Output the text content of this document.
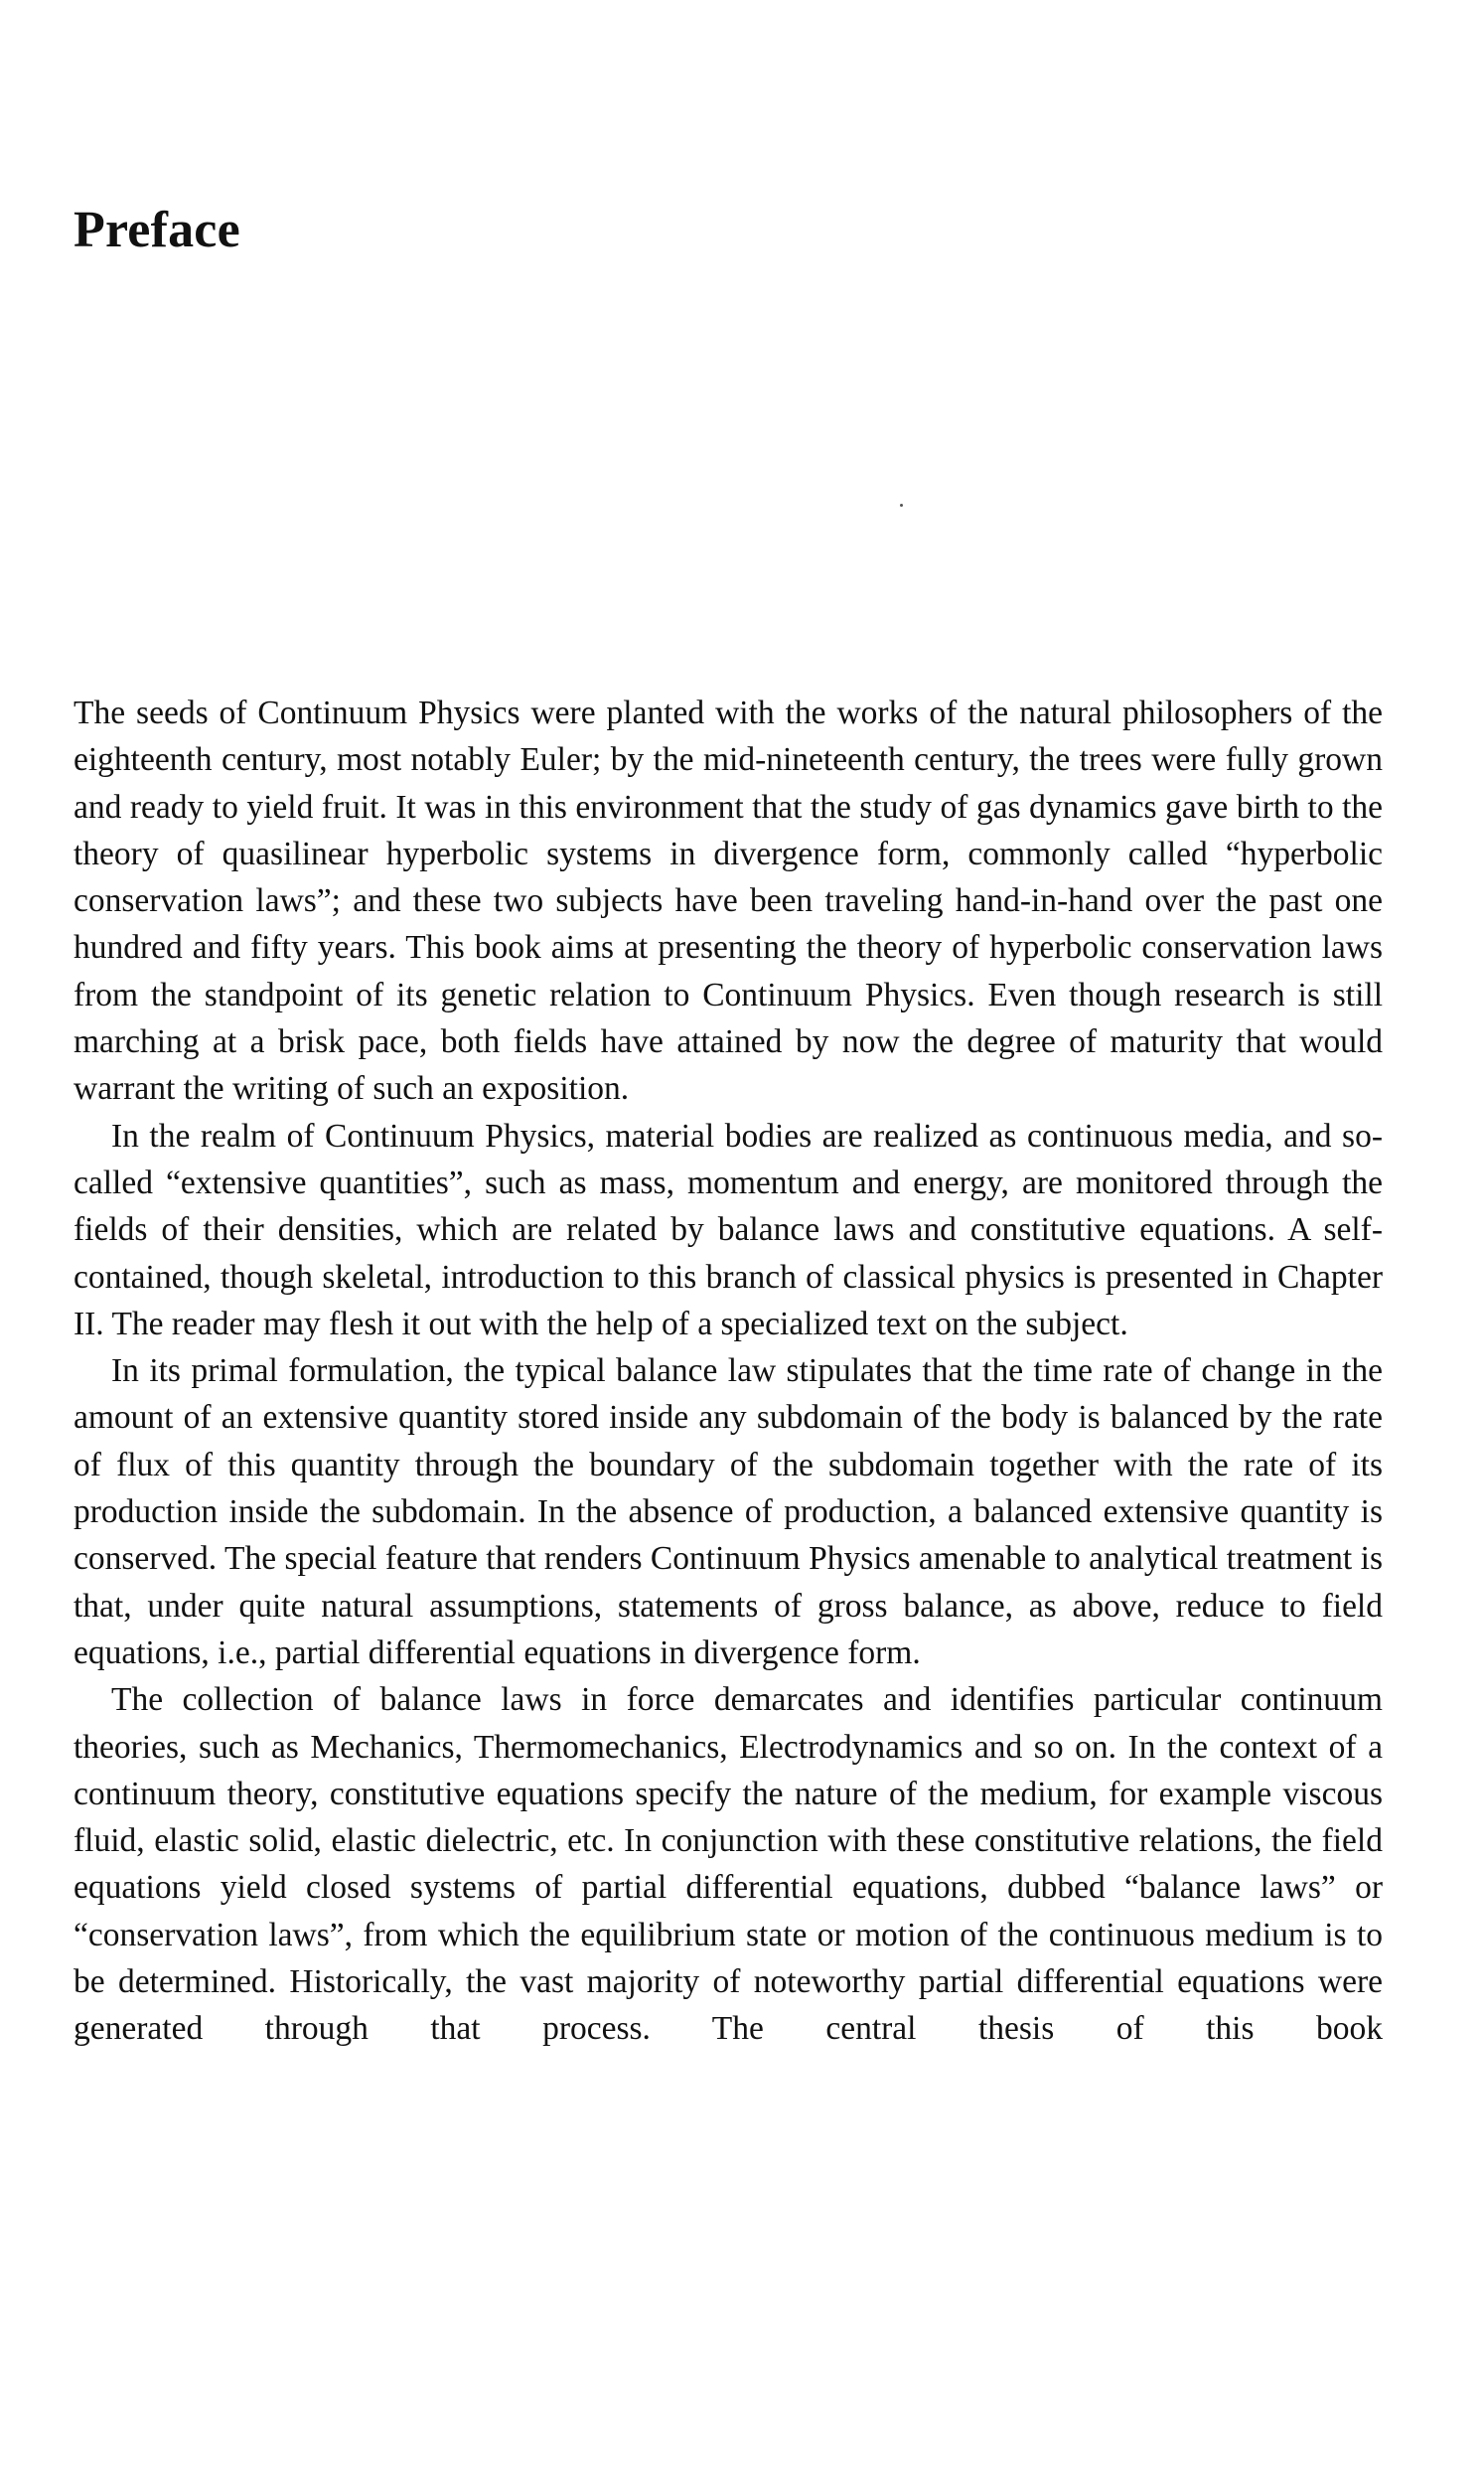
Preface

The seeds of Continuum Physics were planted with the works of the natural philosophers of the eighteenth century, most notably Euler; by the mid-nineteenth century, the trees were fully grown and ready to yield fruit. It was in this environment that the study of gas dynamics gave birth to the theory of quasilinear hyperbolic systems in divergence form, commonly called “hyperbolic conservation laws”; and these two subjects have been traveling hand-in-hand over the past one hundred and fifty years. This book aims at presenting the theory of hyperbolic conservation laws from the standpoint of its genetic relation to Continuum Physics. Even though research is still marching at a brisk pace, both fields have attained by now the degree of maturity that would warrant the writing of such an exposition.

In the realm of Continuum Physics, material bodies are realized as continuous media, and so-called “extensive quantities”, such as mass, momentum and energy, are monitored through the fields of their densities, which are related by balance laws and constitutive equations. A self-contained, though skeletal, introduction to this branch of classical physics is presented in Chapter II. The reader may flesh it out with the help of a specialized text on the subject.

In its primal formulation, the typical balance law stipulates that the time rate of change in the amount of an extensive quantity stored inside any subdomain of the body is balanced by the rate of flux of this quantity through the boundary of the subdomain together with the rate of its production inside the subdomain. In the absence of production, a balanced extensive quantity is conserved. The special feature that renders Continuum Physics amenable to analytical treatment is that, under quite natural assumptions, statements of gross balance, as above, reduce to field equations, i.e., partial differential equations in divergence form.

The collection of balance laws in force demarcates and identifies particular continuum theories, such as Mechanics, Thermomechanics, Electrodynamics and so on. In the context of a continuum theory, constitutive equations specify the nature of the medium, for example viscous fluid, elastic solid, elastic dielectric, etc. In conjunction with these constitutive relations, the field equations yield closed systems of partial differential equations, dubbed “balance laws” or “conservation laws”, from which the equilibrium state or motion of the continuous medium is to be determined. Historically, the vast majority of noteworthy partial differential equations were generated through that process. The central thesis of this book
